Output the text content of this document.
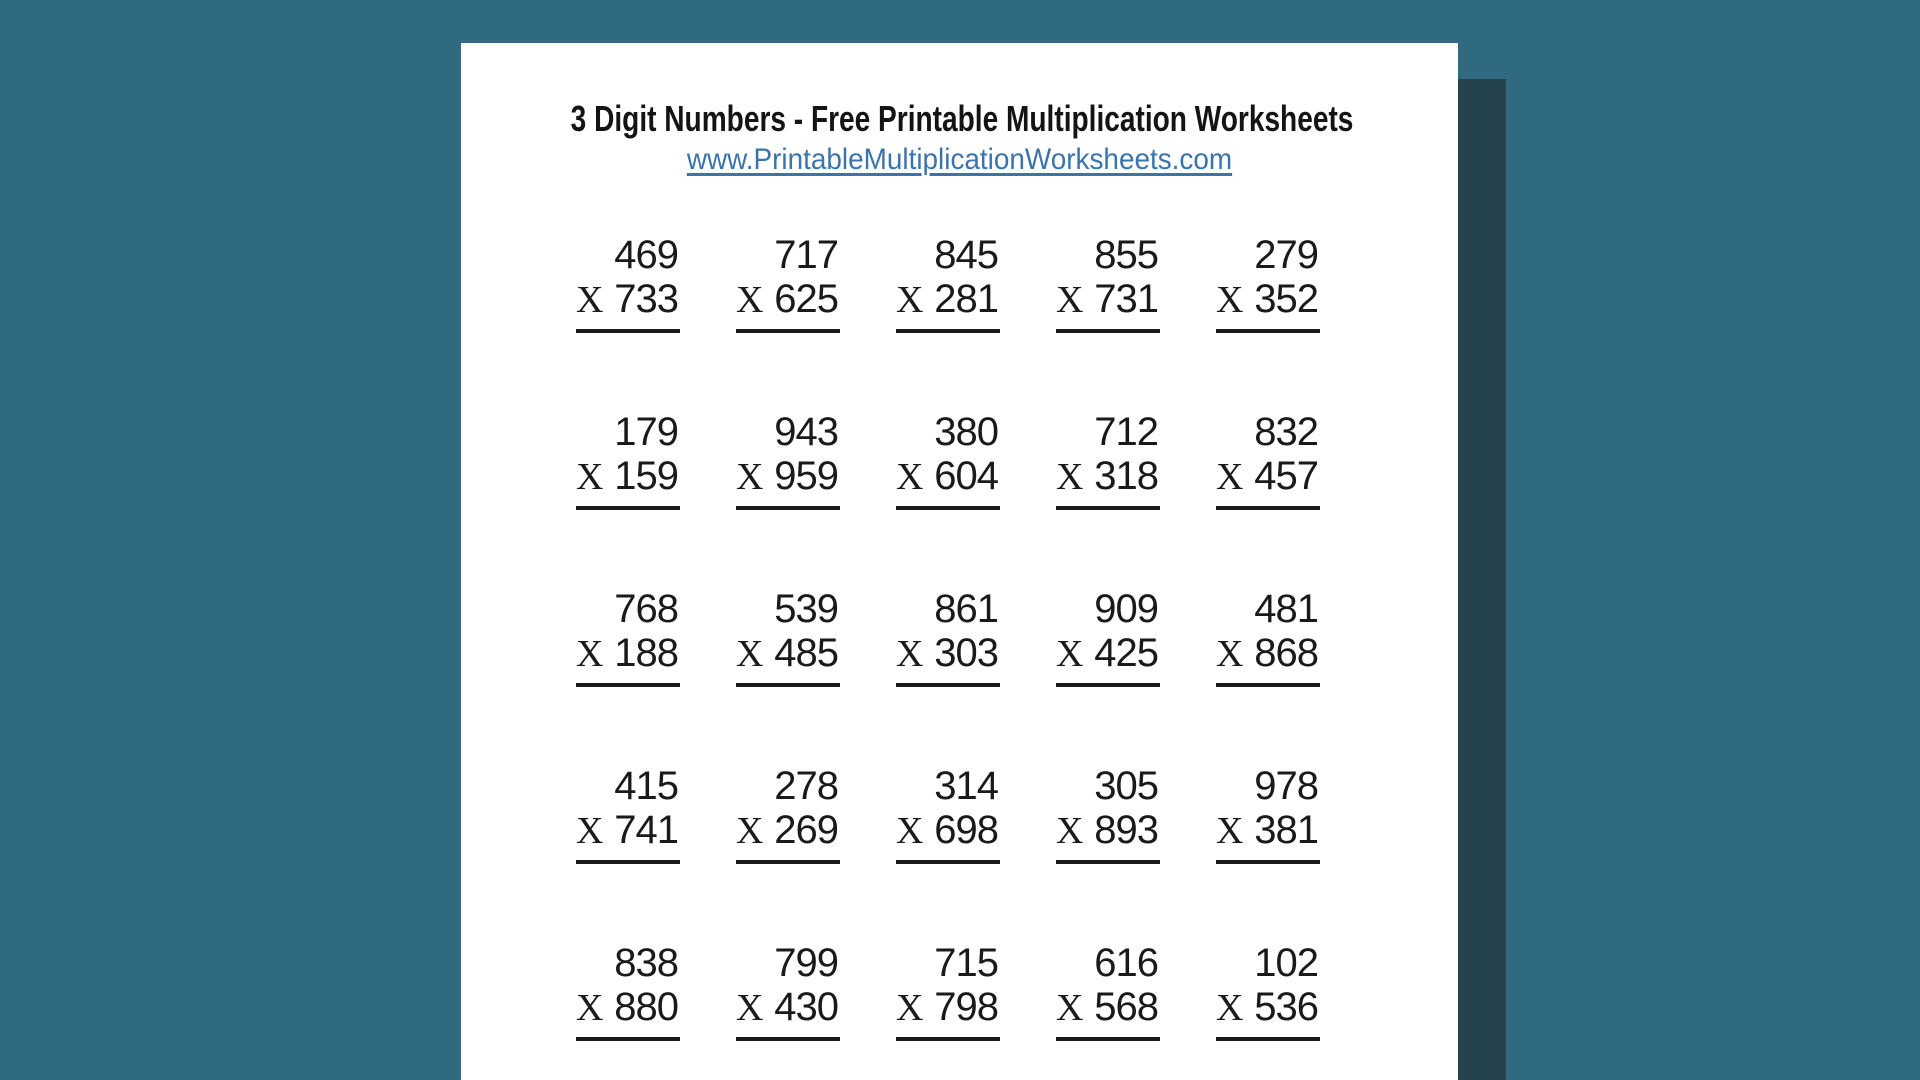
3 Digit Numbers - Free Printable Multiplication Worksheets
www.PrintableMultiplicationWorksheets.com
469
X 733
717
X 625
845
X 281
855
X 731
279
X 352
179
X 159
943
X 959
380
X 604
712
X 318
832
X 457
768
X 188
539
X 485
861
X 303
909
X 425
481
X 868
415
X 741
278
X 269
314
X 698
305
X 893
978
X 381
838
X 880
799
X 430
715
X 798
616
X 568
102
X 536
